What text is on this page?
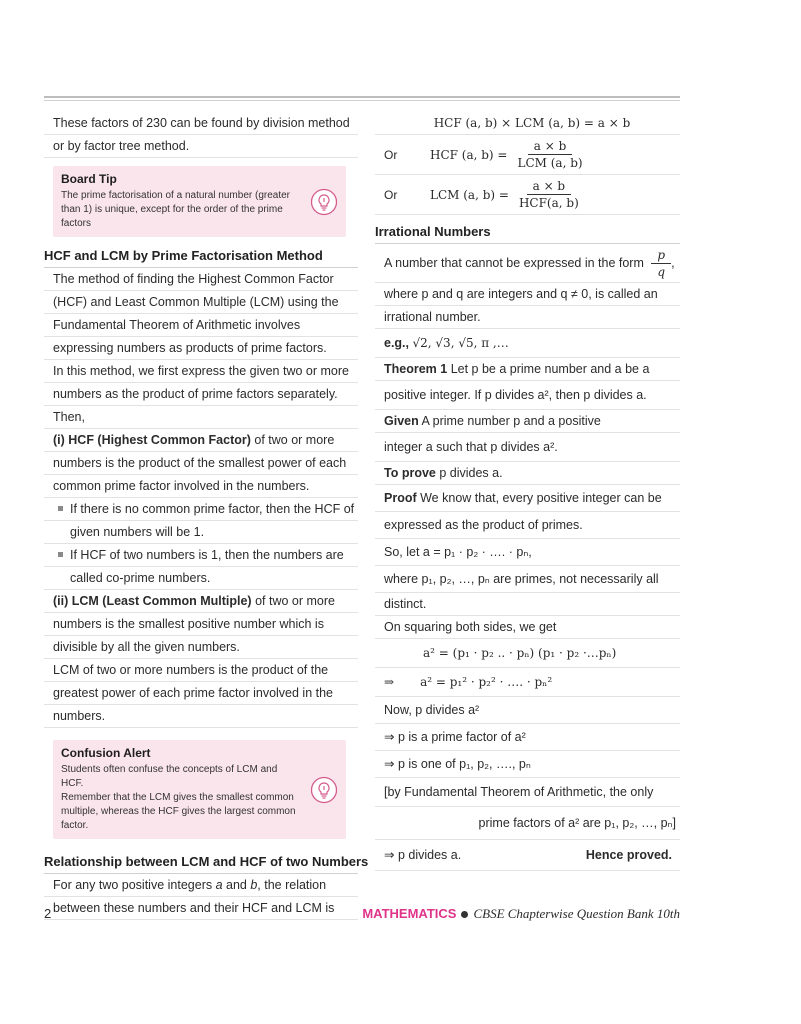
These factors of 230 can be found by division method
or by factor tree method.
Board Tip
The prime factorisation of a natural number (greater
than 1) is unique, except for the order of the prime factors
HCF and LCM by Prime Factorisation Method
The method of finding the Highest Common Factor
(HCF) and Least Common Multiple (LCM) using the
Fundamental Theorem of Arithmetic involves
expressing numbers as products of prime factors.
In this method, we first express the given two or more
numbers as the product of prime factors separately.
Then,
(i) HCF (Highest Common Factor) of two or more
numbers is the product of the smallest power of each
common prime factor involved in the numbers.
If there is no common prime factor, then the HCF of
given numbers will be 1.
If HCF of two numbers is 1, then the numbers are
called co-prime numbers.
(ii) LCM (Least Common Multiple) of two or more
numbers is the smallest positive number which is
divisible by all the given numbers.
LCM of two or more numbers is the product of the
greatest power of each prime factor involved in the
numbers.
Confusion Alert
Students often confuse the concepts of LCM and HCF.
Remember that the LCM gives the smallest common
multiple, whereas the HCF gives the largest common factor.
Relationship between LCM and HCF of two Numbers
For any two positive integers a and b, the relation
between these numbers and their HCF and LCM is
HCF (a, b) × LCM (a, b) = a × b
Or	HCF (a, $b) = \frac{a \times b}{\text{LCM (a, b)}}$
Or	LCM (a, $b) = \frac{a \times b}{\text{HCF(a, b)}}$
Irrational Numbers
A number that cannot be expressed in the form $\frac{p}{q}$ ,
where p and q are integers and q ≠ 0, is called an
irrational number.
e.g., √2, √3, √5, π ,…
Theorem 1 Let p be a prime number and a be a
positive integer. If p divides a², then p divides a.
Given A prime number p and a positive
integer a such that p divides a².
To prove p divides a.
Proof We know that, every positive integer can be
expressed as the product of primes.
So, let a = p₁ · p₂ · …. · pₙ,
where p₁, p₂, …, pₙ are primes, not necessarily all
distinct.
On squaring both sides, we get
a² = (p₁ · p₂ .. · pₙ) (p₁ · p₂ ·…pₙ)
⇒ a² = p₁² · p₂² · …. · pₙ²
Now, p divides a²
⇒ p is a prime factor of a²
⇒ p is one of p₁, p₂, …., pₙ
[by Fundamental Theorem of Arithmetic, the only
prime factors of a² are p₁, p₂, …, pₙ]
⇒ p divides a.	Hence proved.
2	MATHEMATICS CBSE Chapterwise Question Bank 10th
